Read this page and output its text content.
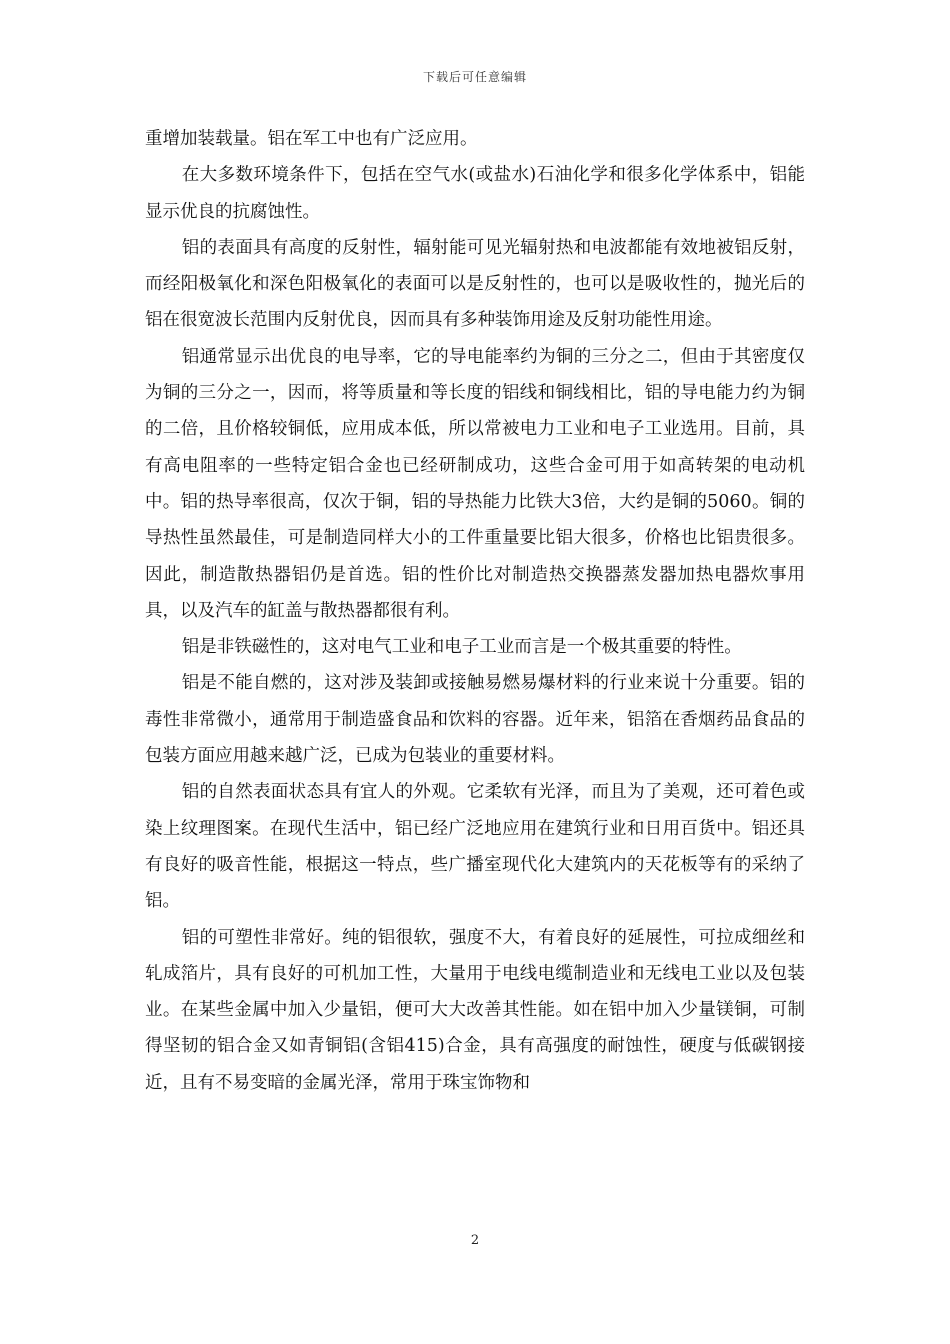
下载后可任意编辑

重增加装载量。铝在军工中也有广泛应用。

在大多数环境条件下，包括在空气水(或盐水)石油化学和很多化学体系中，铝能显示优良的抗腐蚀性。

铝的表面具有高度的反射性，辐射能可见光辐射热和电波都能有效地被铝反射，而经阳极氧化和深色阳极氧化的表面可以是反射性的，也可以是吸收性的，抛光后的铝在很宽波长范围内反射优良，因而具有多种装饰用途及反射功能性用途。

铝通常显示出优良的电导率，它的导电能率约为铜的三分之二，但由于其密度仅为铜的三分之一，因而，将等质量和等长度的铝线和铜线相比，铝的导电能力约为铜的二倍，且价格较铜低，应用成本低，所以常被电力工业和电子工业选用。目前，具有高电阻率的一些特定铝合金也已经研制成功，这些合金可用于如高转架的电动机中。铝的热导率很高，仅次于铜，铝的导热能力比铁大3倍，大约是铜的5060。铜的导热性虽然最佳，可是制造同样大小的工件重量要比铝大很多，价格也比铝贵很多。因此，制造散热器铝仍是首选。铝的性价比对制造热交换器蒸发器加热电器炊事用具，以及汽车的缸盖与散热器都很有利。

铝是非铁磁性的，这对电气工业和电子工业而言是一个极其重要的特性。

铝是不能自燃的，这对涉及装卸或接触易燃易爆材料的行业来说十分重要。铝的毒性非常微小，通常用于制造盛食品和饮料的容器。近年来，铝箔在香烟药品食品的包装方面应用越来越广泛，已成为包装业的重要材料。

铝的自然表面状态具有宜人的外观。它柔软有光泽，而且为了美观，还可着色或染上纹理图案。在现代生活中，铝已经广泛地应用在建筑行业和日用百货中。铝还具有良好的吸音性能，根据这一特点，些广播室现代化大建筑内的天花板等有的采纳了铝。

铝的可塑性非常好。纯的铝很软，强度不大，有着良好的延展性，可拉成细丝和轧成箔片，具有良好的可机加工性，大量用于电线电缆制造业和无线电工业以及包装业。在某些金属中加入少量铝，便可大大改善其性能。如在铝中加入少量镁铜，可制得坚韧的铝合金又如青铜铝(含铝415)合金，具有高强度的耐蚀性，硬度与低碳钢接近，且有不易变暗的金属光泽，常用于珠宝饰物和

2
